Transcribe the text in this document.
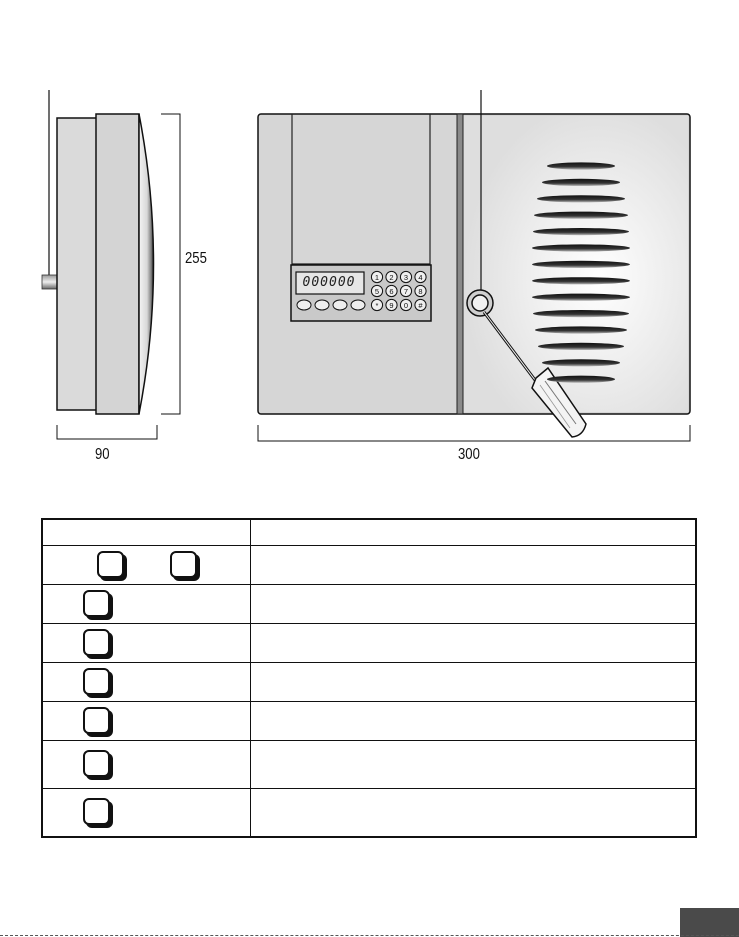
1 2 3 4
5 6 7 8
* 9 0 #
255
90	300
000000
